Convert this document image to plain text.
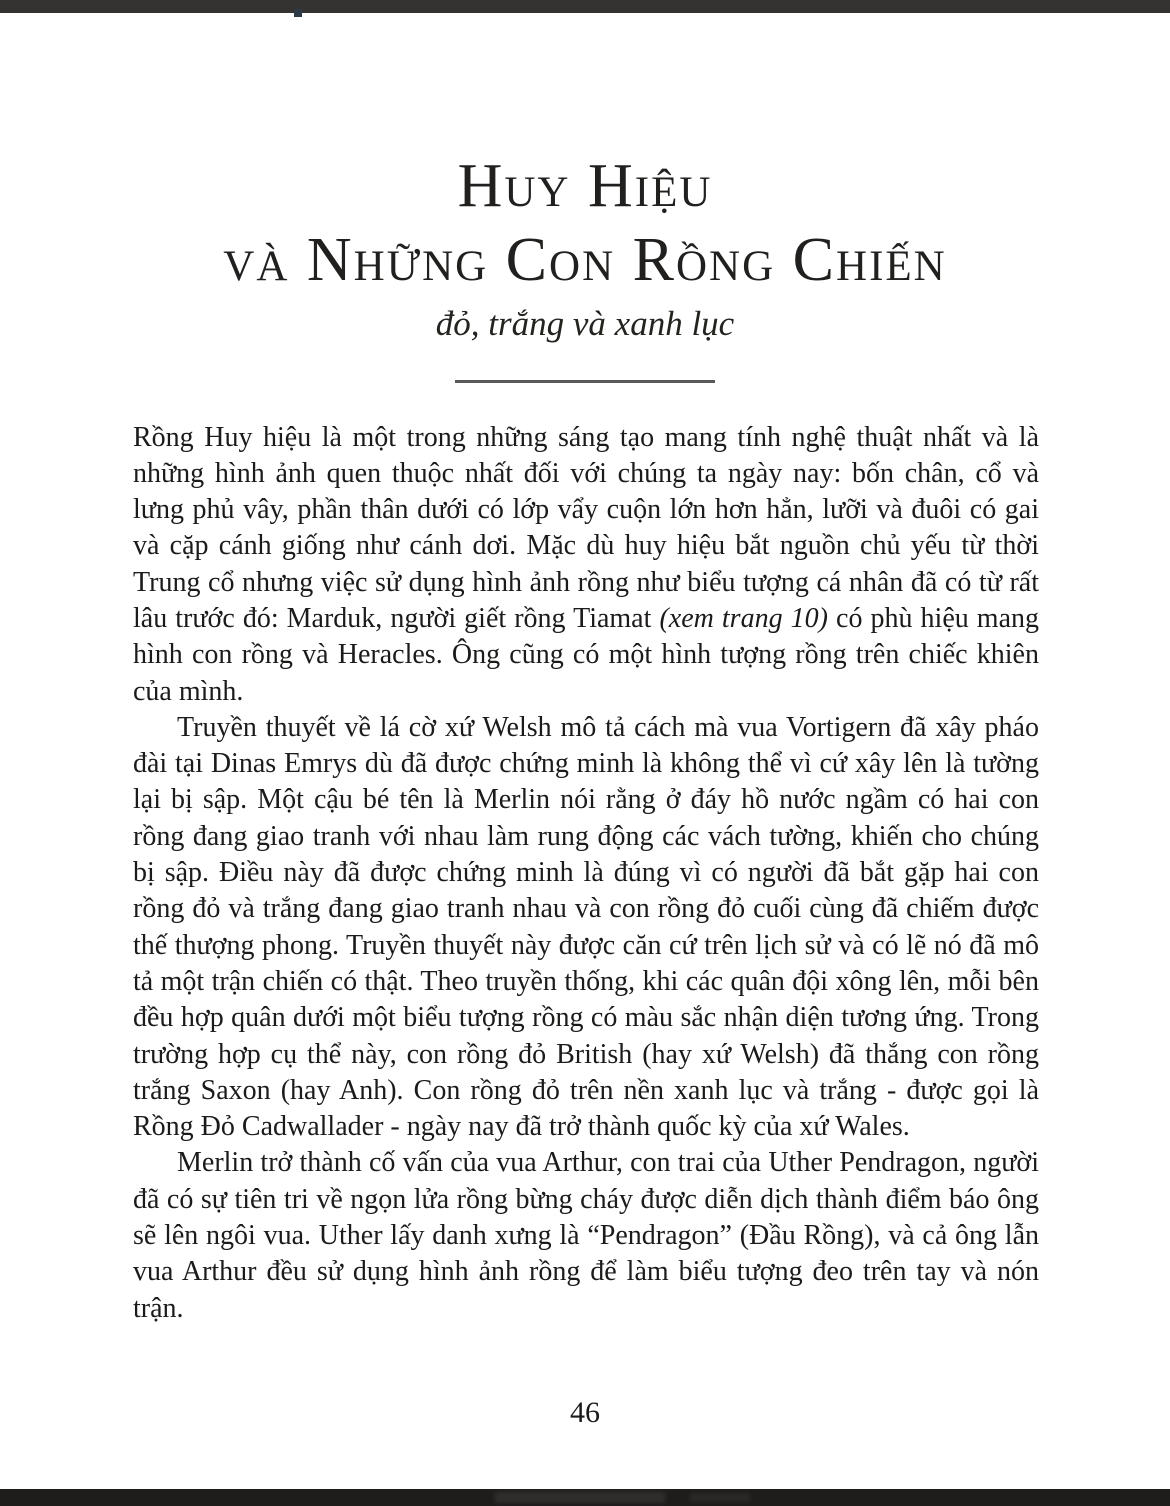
Huy Hiệu
và Những Con Rồng Chiến
đỏ, trắng và xanh lục

Rồng Huy hiệu là một trong những sáng tạo mang tính nghệ thuật nhất và là những hình ảnh quen thuộc nhất đối với chúng ta ngày nay: bốn chân, cổ và lưng phủ vây, phần thân dưới có lớp vẩy cuộn lớn hơn hẳn, lưỡi và đuôi có gai và cặp cánh giống như cánh dơi. Mặc dù huy hiệu bắt nguồn chủ yếu từ thời Trung cổ nhưng việc sử dụng hình ảnh rồng như biểu tượng cá nhân đã có từ rất lâu trước đó: Marduk, người giết rồng Tiamat (xem trang 10) có phù hiệu mang hình con rồng và Heracles. Ông cũng có một hình tượng rồng trên chiếc khiên của mình.

Truyền thuyết về lá cờ xứ Welsh mô tả cách mà vua Vortigern đã xây pháo đài tại Dinas Emrys dù đã được chứng minh là không thể vì cứ xây lên là tường lại bị sập. Một cậu bé tên là Merlin nói rằng ở đáy hồ nước ngầm có hai con rồng đang giao tranh với nhau làm rung động các vách tường, khiến cho chúng bị sập. Điều này đã được chứng minh là đúng vì có người đã bắt gặp hai con rồng đỏ và trắng đang giao tranh nhau và con rồng đỏ cuối cùng đã chiếm được thế thượng phong. Truyền thuyết này được căn cứ trên lịch sử và có lẽ nó đã mô tả một trận chiến có thật. Theo truyền thống, khi các quân đội xông lên, mỗi bên đều hợp quân dưới một biểu tượng rồng có màu sắc nhận diện tương ứng. Trong trường hợp cụ thể này, con rồng đỏ British (hay xứ Welsh) đã thắng con rồng trắng Saxon (hay Anh). Con rồng đỏ trên nền xanh lục và trắng - được gọi là Rồng Đỏ Cadwallader - ngày nay đã trở thành quốc kỳ của xứ Wales.

Merlin trở thành cố vấn của vua Arthur, con trai của Uther Pendragon, người đã có sự tiên tri về ngọn lửa rồng bừng cháy được diễn dịch thành điểm báo ông sẽ lên ngôi vua. Uther lấy danh xưng là “Pendragon” (Đầu Rồng), và cả ông lẫn vua Arthur đều sử dụng hình ảnh rồng để làm biểu tượng đeo trên tay và nón trận.

46
